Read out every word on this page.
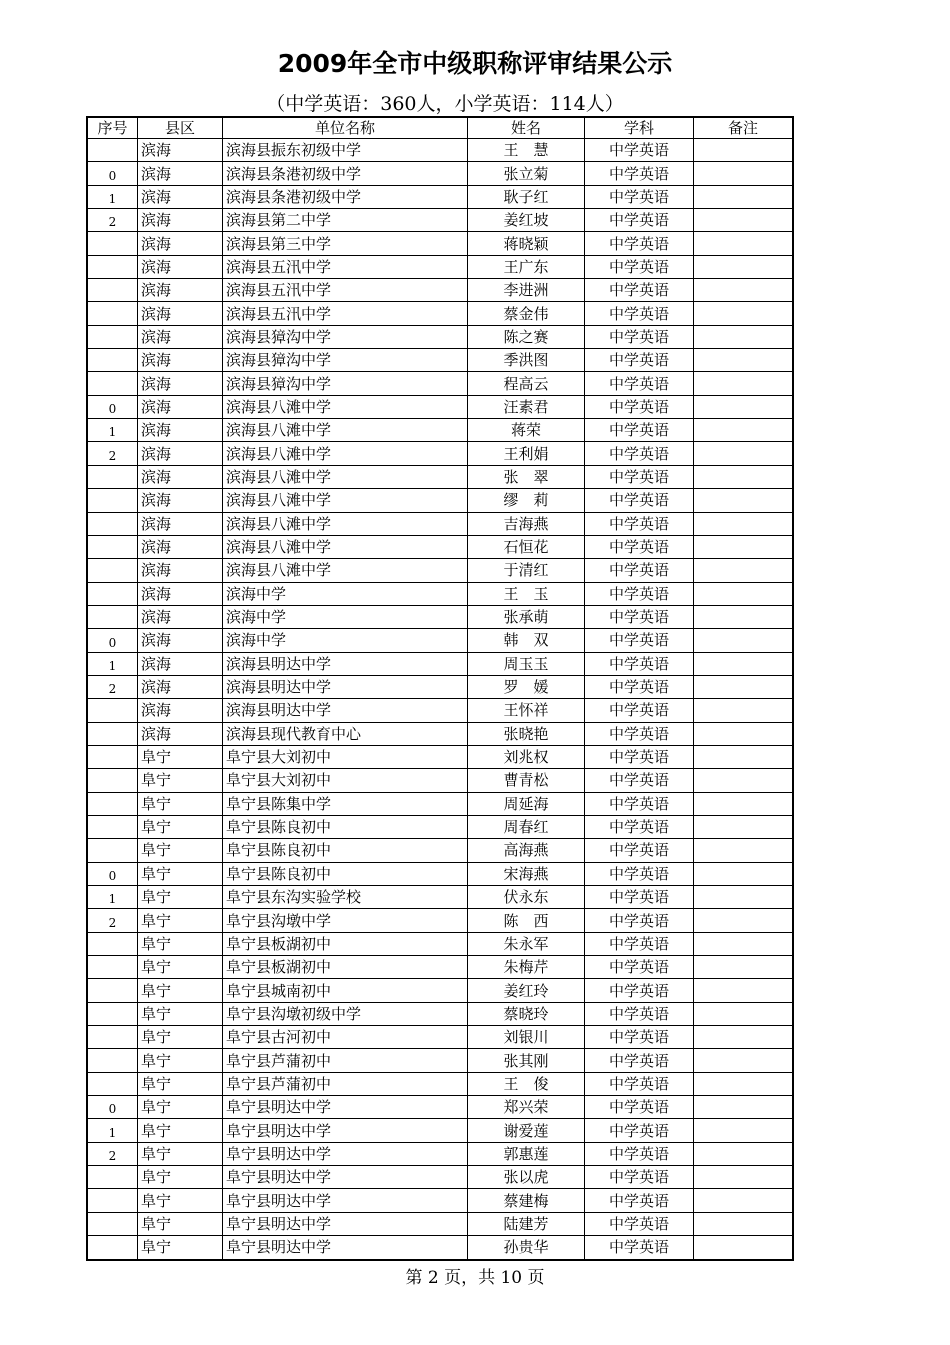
2009年全市中级职称评审结果公示
（中学英语：360人，小学英语：114人）
序号	县区	单位名称	姓名	学科	备注
	滨海	滨海县振东初级中学	王　慧	中学英语	
0	滨海	滨海县条港初级中学	张立菊	中学英语	
1	滨海	滨海县条港初级中学	耿子红	中学英语	
2	滨海	滨海县第二中学	姜红坡	中学英语	
	滨海	滨海县第三中学	蒋晓颖	中学英语	
	滨海	滨海县五汛中学	王广东	中学英语	
	滨海	滨海县五汛中学	李进洲	中学英语	
	滨海	滨海县五汛中学	蔡金伟	中学英语	
	滨海	滨海县獐沟中学	陈之赛	中学英语	
	滨海	滨海县獐沟中学	季洪图	中学英语	
	滨海	滨海县獐沟中学	程高云	中学英语	
0	滨海	滨海县八滩中学	汪素君	中学英语	
1	滨海	滨海县八滩中学	蒋荣	中学英语	
2	滨海	滨海县八滩中学	王利娟	中学英语	
	滨海	滨海县八滩中学	张　翠	中学英语	
	滨海	滨海县八滩中学	缪　莉	中学英语	
	滨海	滨海县八滩中学	吉海燕	中学英语	
	滨海	滨海县八滩中学	石恒花	中学英语	
	滨海	滨海县八滩中学	于清红	中学英语	
	滨海	滨海中学	王　玉	中学英语	
	滨海	滨海中学	张承萌	中学英语	
0	滨海	滨海中学	韩　双	中学英语	
1	滨海	滨海县明达中学	周玉玉	中学英语	
2	滨海	滨海县明达中学	罗　媛	中学英语	
	滨海	滨海县明达中学	王怀祥	中学英语	
	滨海	滨海县现代教育中心	张晓艳	中学英语	
	阜宁	阜宁县大刘初中	刘兆权	中学英语	
	阜宁	阜宁县大刘初中	曹青松	中学英语	
	阜宁	阜宁县陈集中学	周延海	中学英语	
	阜宁	阜宁县陈良初中	周春红	中学英语	
	阜宁	阜宁县陈良初中	高海燕	中学英语	
0	阜宁	阜宁县陈良初中	宋海燕	中学英语	
1	阜宁	阜宁县东沟实验学校	伏永东	中学英语	
2	阜宁	阜宁县沟墩中学	陈　西	中学英语	
	阜宁	阜宁县板湖初中	朱永军	中学英语	
	阜宁	阜宁县板湖初中	朱梅芹	中学英语	
	阜宁	阜宁县城南初中	姜红玲	中学英语	
	阜宁	阜宁县沟墩初级中学	蔡晓玲	中学英语	
	阜宁	阜宁县古河初中	刘银川	中学英语	
	阜宁	阜宁县芦蒲初中	张其刚	中学英语	
	阜宁	阜宁县芦蒲初中	王　俊	中学英语	
0	阜宁	阜宁县明达中学	郑兴荣	中学英语	
1	阜宁	阜宁县明达中学	谢爱莲	中学英语	
2	阜宁	阜宁县明达中学	郭惠莲	中学英语	
	阜宁	阜宁县明达中学	张以虎	中学英语	
	阜宁	阜宁县明达中学	蔡建梅	中学英语	
	阜宁	阜宁县明达中学	陆建芳	中学英语	
	阜宁	阜宁县明达中学	孙贵华	中学英语	
第 2 页，共 10 页
